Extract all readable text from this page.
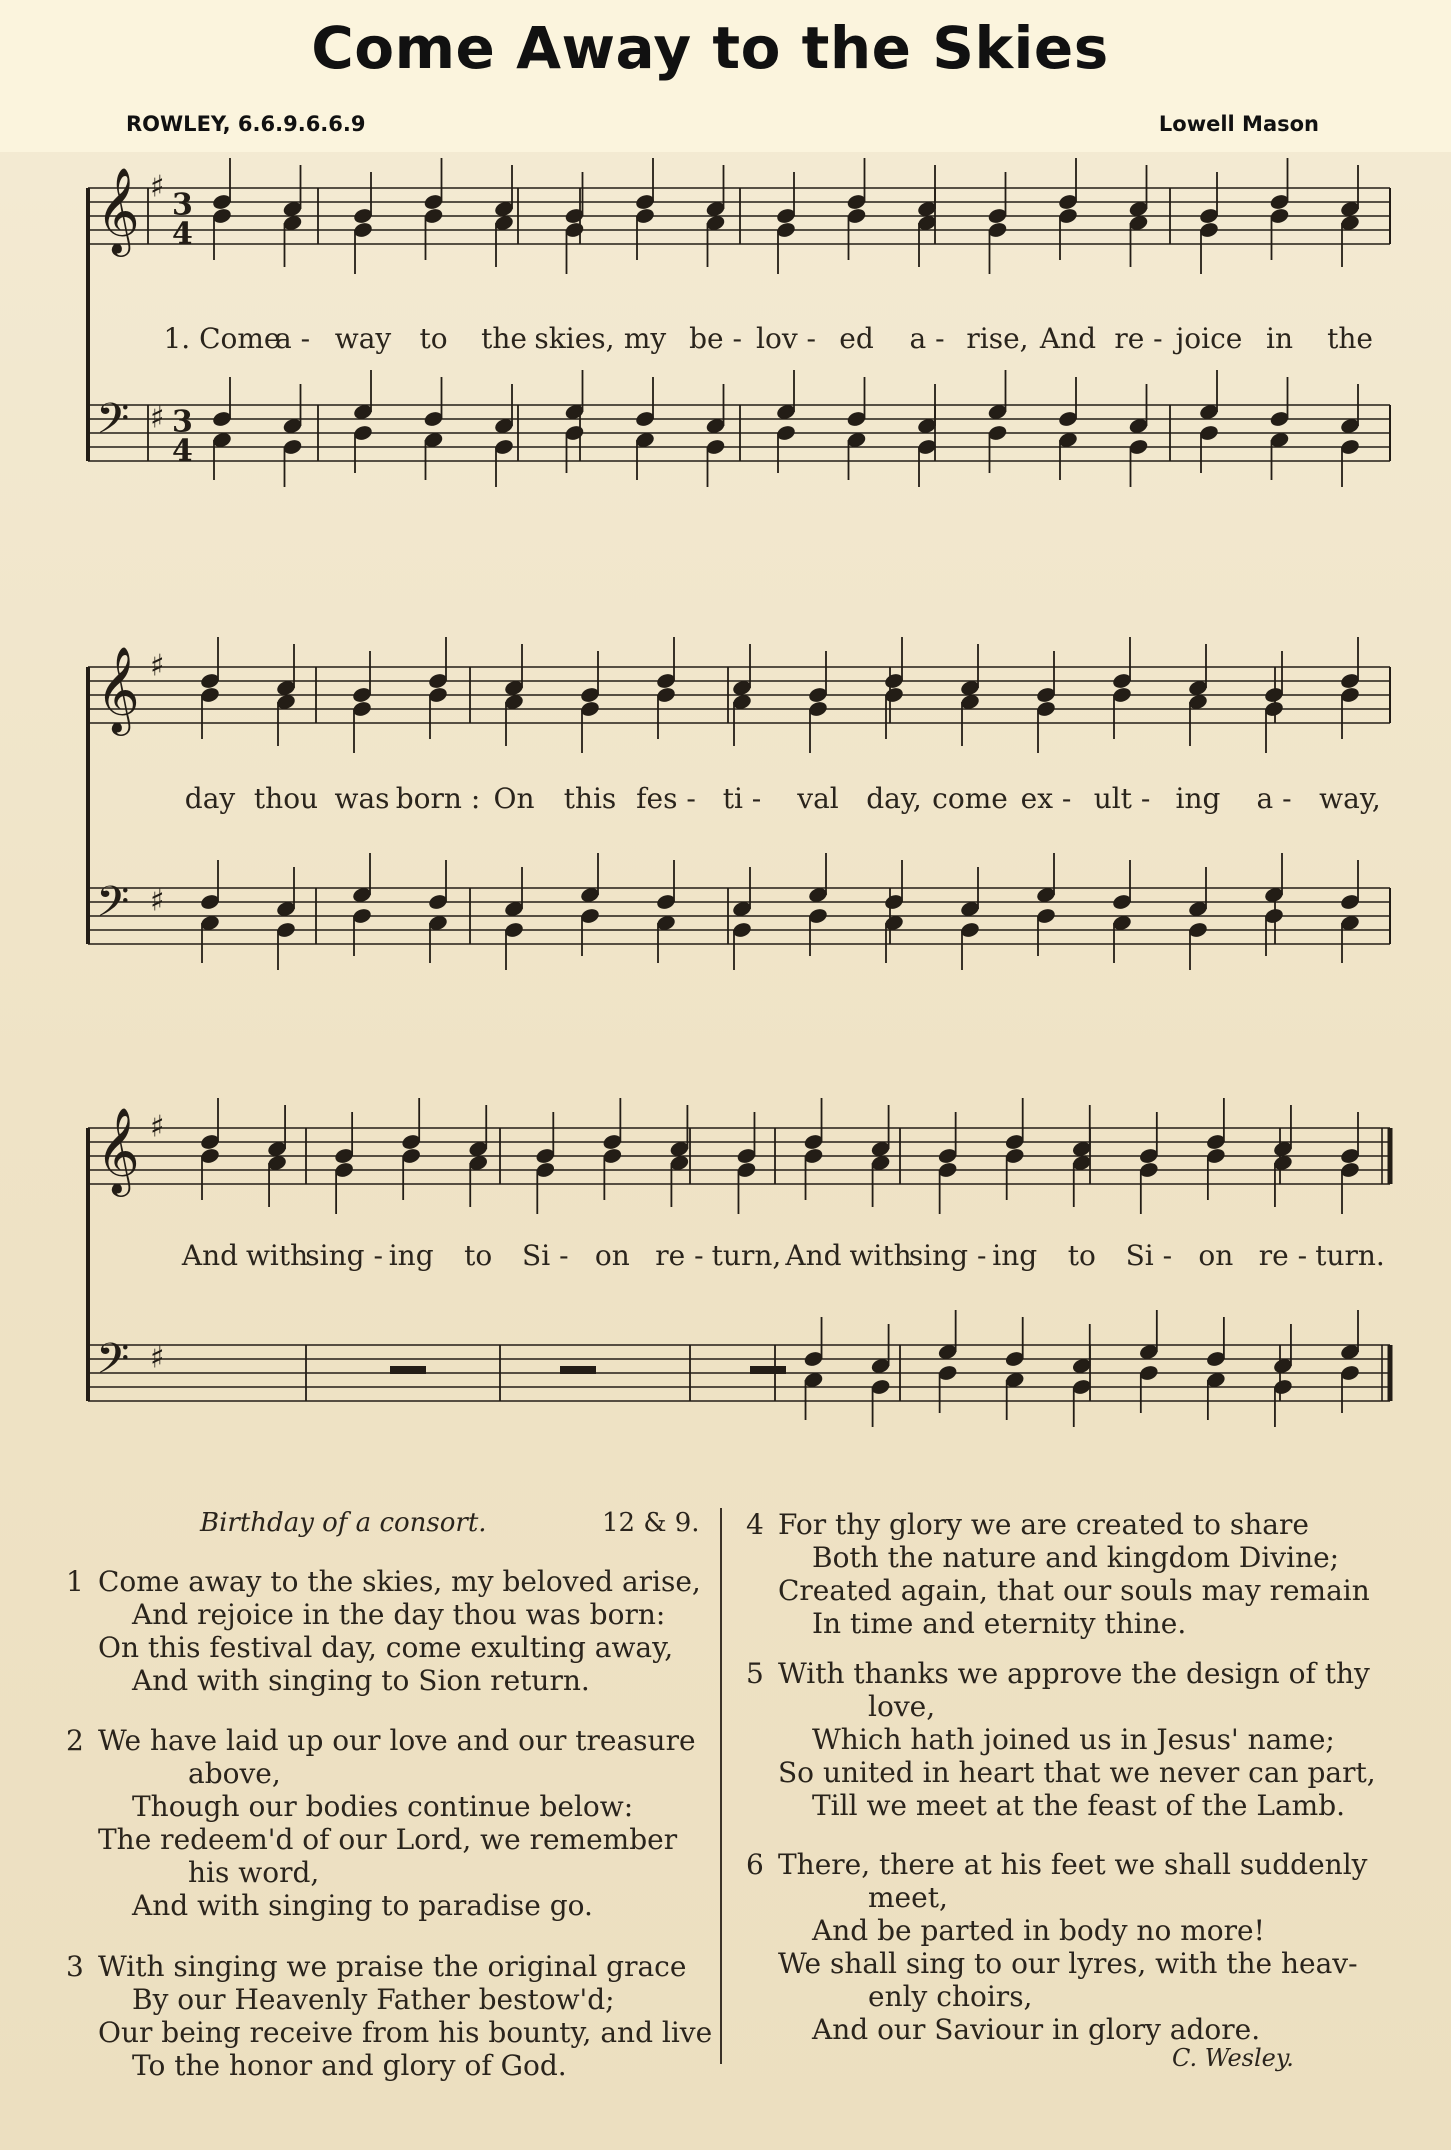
Come Away to the Skies
ROWLEY, 6.6.9.6.6.9	Lowell Mason
𝄞 ♯
3
4
𝄢 ♯ 3
4
1. Come
a - way to the skies, my be - lov - ed a - rise, And re - joice in the
𝄞 ♯
𝄢 ♯
day thou was born : On this fes - ti - val day, come ex - ult - ing a - way,
𝄞 ♯
𝄢 ♯
And with
sing - ing to Si - on re - turn, And with
sing - ing to Si - on re - turn.
Birthday of a consort.	12 & 9.
1 Come away to the skies, my beloved arise,
And rejoice in the day thou was born:
On this festival day, come exulting away,
And with singing to Sion return.
2 We have laid up our love and our treasure
above,
Though our bodies continue below:
The redeem'd of our Lord, we remember
his word,
And with singing to paradise go.
3 With singing we praise the original grace
By our Heavenly Father bestow'd;
Our being receive from his bounty, and live
To the honor and glory of God.
4 For thy glory we are created to share
Both the nature and kingdom Divine;
Created again, that our souls may remain
In time and eternity thine.
5 With thanks we approve the design of thy
love,
Which hath joined us in Jesus' name;
So united in heart that we never can part,
Till we meet at the feast of the Lamb.
6 There, there at his feet we shall suddenly
meet,
And be parted in body no more!
We shall sing to our lyres, with the heav-
enly choirs,
And our Saviour in glory adore.
C. Wesley.
